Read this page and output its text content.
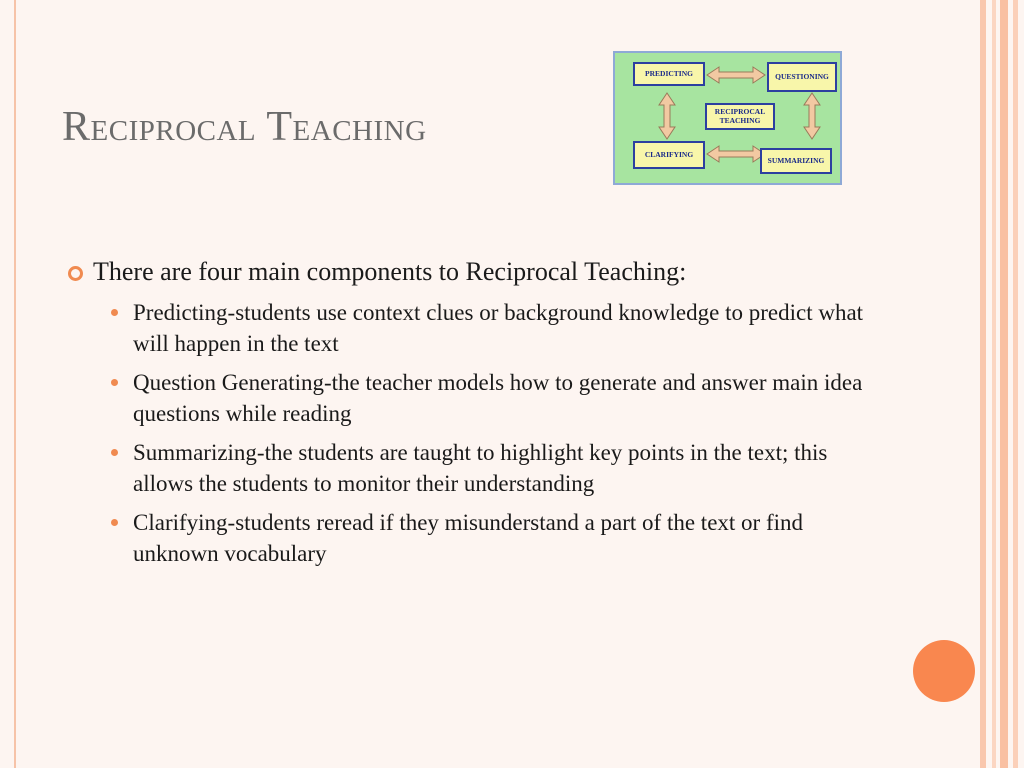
Reciprocal Teaching
PREDICTING	QUESTIONING
RECIPROCAL TEACHING
CLARIFYING
SUMMARIZING
There are four main components to Reciprocal Teaching:
Predicting-students use context clues or background knowledge to predict what will happen in the text
Question Generating-the teacher models how to generate and answer main idea questions while reading
Summarizing-the students are taught to highlight key points in the text; this allows the students to monitor their understanding
Clarifying-students reread if they misunderstand a part of the text or find unknown vocabulary
